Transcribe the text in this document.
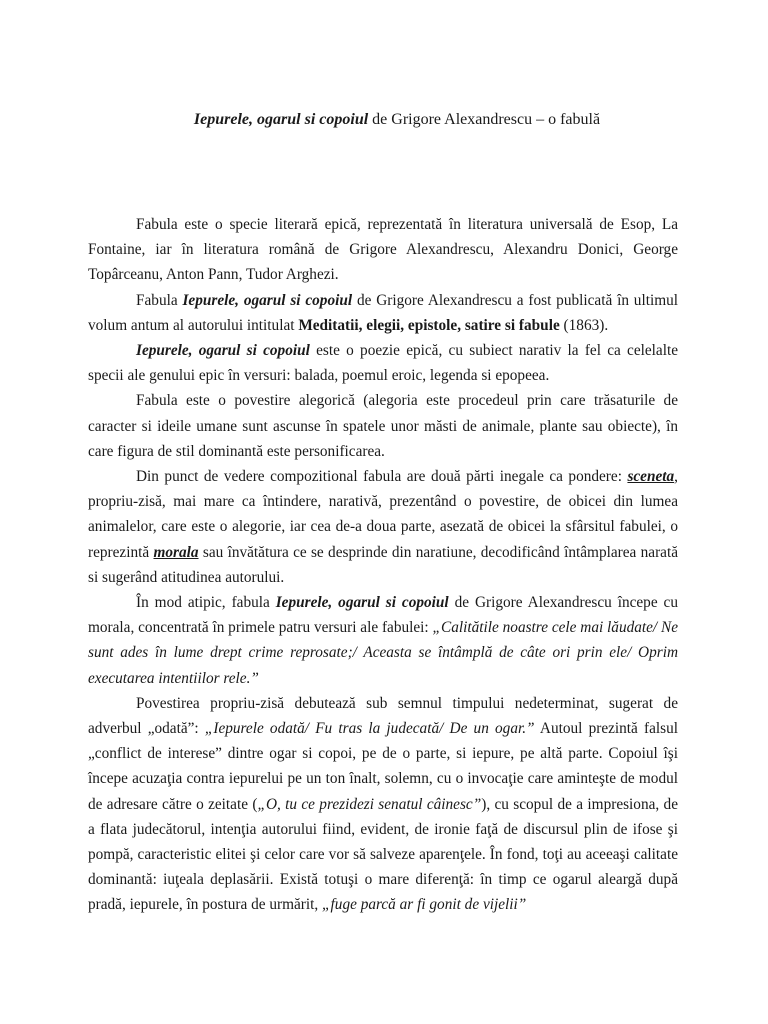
Iepurele, ogarul si copoiul de Grigore Alexandrescu – o fabulă

Fabula este o specie literară epică, reprezentată în literatura universală de Esop, La Fontaine, iar în literatura română de Grigore Alexandrescu, Alexandru Donici, George Topârceanu, Anton Pann, Tudor Arghezi.

Fabula Iepurele, ogarul si copoiul de Grigore Alexandrescu a fost publicată în ultimul volum antum al autorului intitulat Meditatii, elegii, epistole, satire si fabule (1863).

Iepurele, ogarul si copoiul este o poezie epică, cu subiect narativ la fel ca celelalte specii ale genului epic în versuri: balada, poemul eroic, legenda si epopeea.

Fabula este o povestire alegorică (alegoria este procedeul prin care trăsaturile de caracter si ideile umane sunt ascunse în spatele unor măsti de animale, plante sau obiecte), în care figura de stil dominantă este personificarea.

Din punct de vedere compozitional fabula are două părti inegale ca pondere: sceneta, propriu-zisă, mai mare ca întindere, narativă, prezentând o povestire, de obicei din lumea animalelor, care este o alegorie, iar cea de-a doua parte, asezată de obicei la sfârsitul fabulei, o reprezintă morala sau învătătura ce se desprinde din naratiune, decodificând întâmplarea narată si sugerând atitudinea autorului.

În mod atipic, fabula Iepurele, ogarul si copoiul de Grigore Alexandrescu începe cu morala, concentrată în primele patru versuri ale fabulei: „Calitătile noastre cele mai lăudate/ Ne sunt ades în lume drept crime reprosate;/ Aceasta se întâmplă de câte ori prin ele/ Oprim executarea intentiilor rele.”

Povestirea propriu-zisă debutează sub semnul timpului nedeterminat, sugerat de adverbul „odată”: „Iepurele odată/ Fu tras la judecată/ De un ogar.” Autoul prezintă falsul „conflict de interese” dintre ogar si copoi, pe de o parte, si iepure, pe altă parte. Copoiul îşi începe acuzaţia contra iepurelui pe un ton înalt, solemn, cu o invocaţie care aminteşte de modul de adresare către o zeitate („O, tu ce prezidezi senatul câinesc”), cu scopul de a impresiona, de a flata judecătorul, intenţia autorului fiind, evident, de ironie faţă de discursul plin de ifose şi pompă, caracteristic elitei şi celor care vor să salveze aparenţele. În fond, toţi au aceeaşi calitate dominantă: iuţeala deplasării. Există totuşi o mare diferenţă: în timp ce ogarul aleargă după pradă, iepurele, în postura de urmărit, „fuge parcă ar fi gonit de vijelii”
